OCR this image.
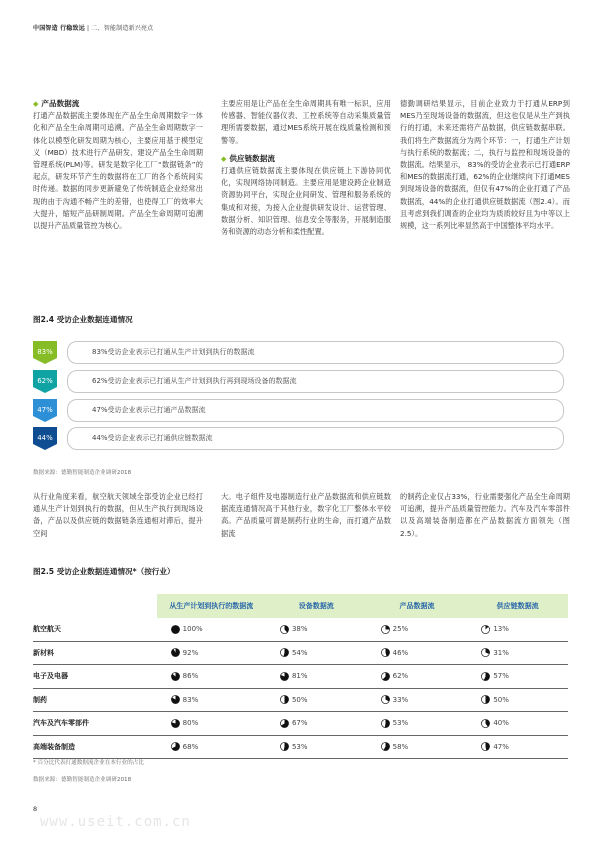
中国智造 行稳致远 | 二、智能制造新兴亮点

◆ 产品数据流

打通产品数据流主要体现在产品全生命周期数字一体化和产品全生命周期可追溯。产品全生命周期数字一体化以模型化研发周期为核心，主要应用基于模型定义（MBD）技术进行产品研发、建设产品全生命周期管理系统(PLM)等。研发是数字化工厂“数据链条”的起点，研发环节产生的数据将在工厂的各个系统间实时传递。数据的同步更新避免了传统制造企业经常出现的由于沟通不畅产生的差错，也使得工厂的效率大大提升，缩短产品研制周期。产品全生命周期可追溯以提升产品质量管控为核心。

主要应用是让产品在全生命周期具有唯一标识，应用传感器、智能仪器仪表、工控系统等自动采集质量管理所需要数据，通过MES系统开展在线质量检测和预警等。

◆ 供应链数据流

打通供应链数据流主要体现在供应链上下游协同优化，实现网络协同制造。主要应用是建设跨企业制造资源协同平台，实现企业间研发、管理和服务系统的集成和对接，为接入企业提供研发设计、运营管理、数据分析、知识管理、信息安全等服务，开展制造服务和资源的动态分析和柔性配置。

德勤调研结果显示，目前企业致力于打通从ERP到MES乃至现场设备的数据流，但这也仅是从生产到执行的打通，未来还需将产品数据，供应链数据串联。我们将生产数据流分为两个环节：一，打通生产计划与执行系统的数据流；二，执行与监控和现场设备的数据流。结果显示， 83%的受访企业表示已打通ERP和MES的数据流打通，62%的企业继续向下打通MES到现场设备的数据流，但仅有47%的企业打通了产品数据流，44%的企业打通供应链数据流（图2.4）。而且考虑到我们调查的企业均为质质较好且为中等以上规模，这一系列比率显然高于中国整体平均水平。

图2.4 受访企业数据连通情况
83%	83%受访企业表示已打通从生产计划到执行的数据流
62%	62%受访企业表示已打通从生产计划到执行再到现场设备的数据流
47%	47%受访企业表示已打通产品数据流
44%	44%受访企业表示已打通供应链数据流
数据来源：德勤智能制造企业调研2018

从行业角度来看，航空航天领域全部受访企业已经打通从生产计划到执行的数据，但从生产执行到现场设备，产品以及供应链的数据链条连通相对滞后，提升空间

大。电子组件及电器制造行业产品数据流和供应链数据流连通情况高于其他行业，数字化工厂整体水平较高。产品质量可谓是制药行业的生命，而打通产品数据流

的制药企业仅占33%，行业需要强化产品全生命周期可追溯，提升产品质量管控能力。汽车及汽车零部件以及高端装备制造都在产品数据流方面领先（图2.5）。

图2.5 受访企业数据连通情况*（按行业）
	从生产计划到执行的数据流	设备数据流	产品数据流	供应链数据流
航空航天	100%	38%	25%	13%

新材料	92%	54%	46%	31%

电子及电器	86%	81%	62%	57%

制药	83%	50%	33%	50%

汽车及汽车零部件	80%	67%	53%	40%

高端装备制造	68%	53%	58%	47%
* 百分比代表打通数据流企业在本行业的占比
数据来源：德勤智能制造企业调研2018
8
www.useit.com.cn
